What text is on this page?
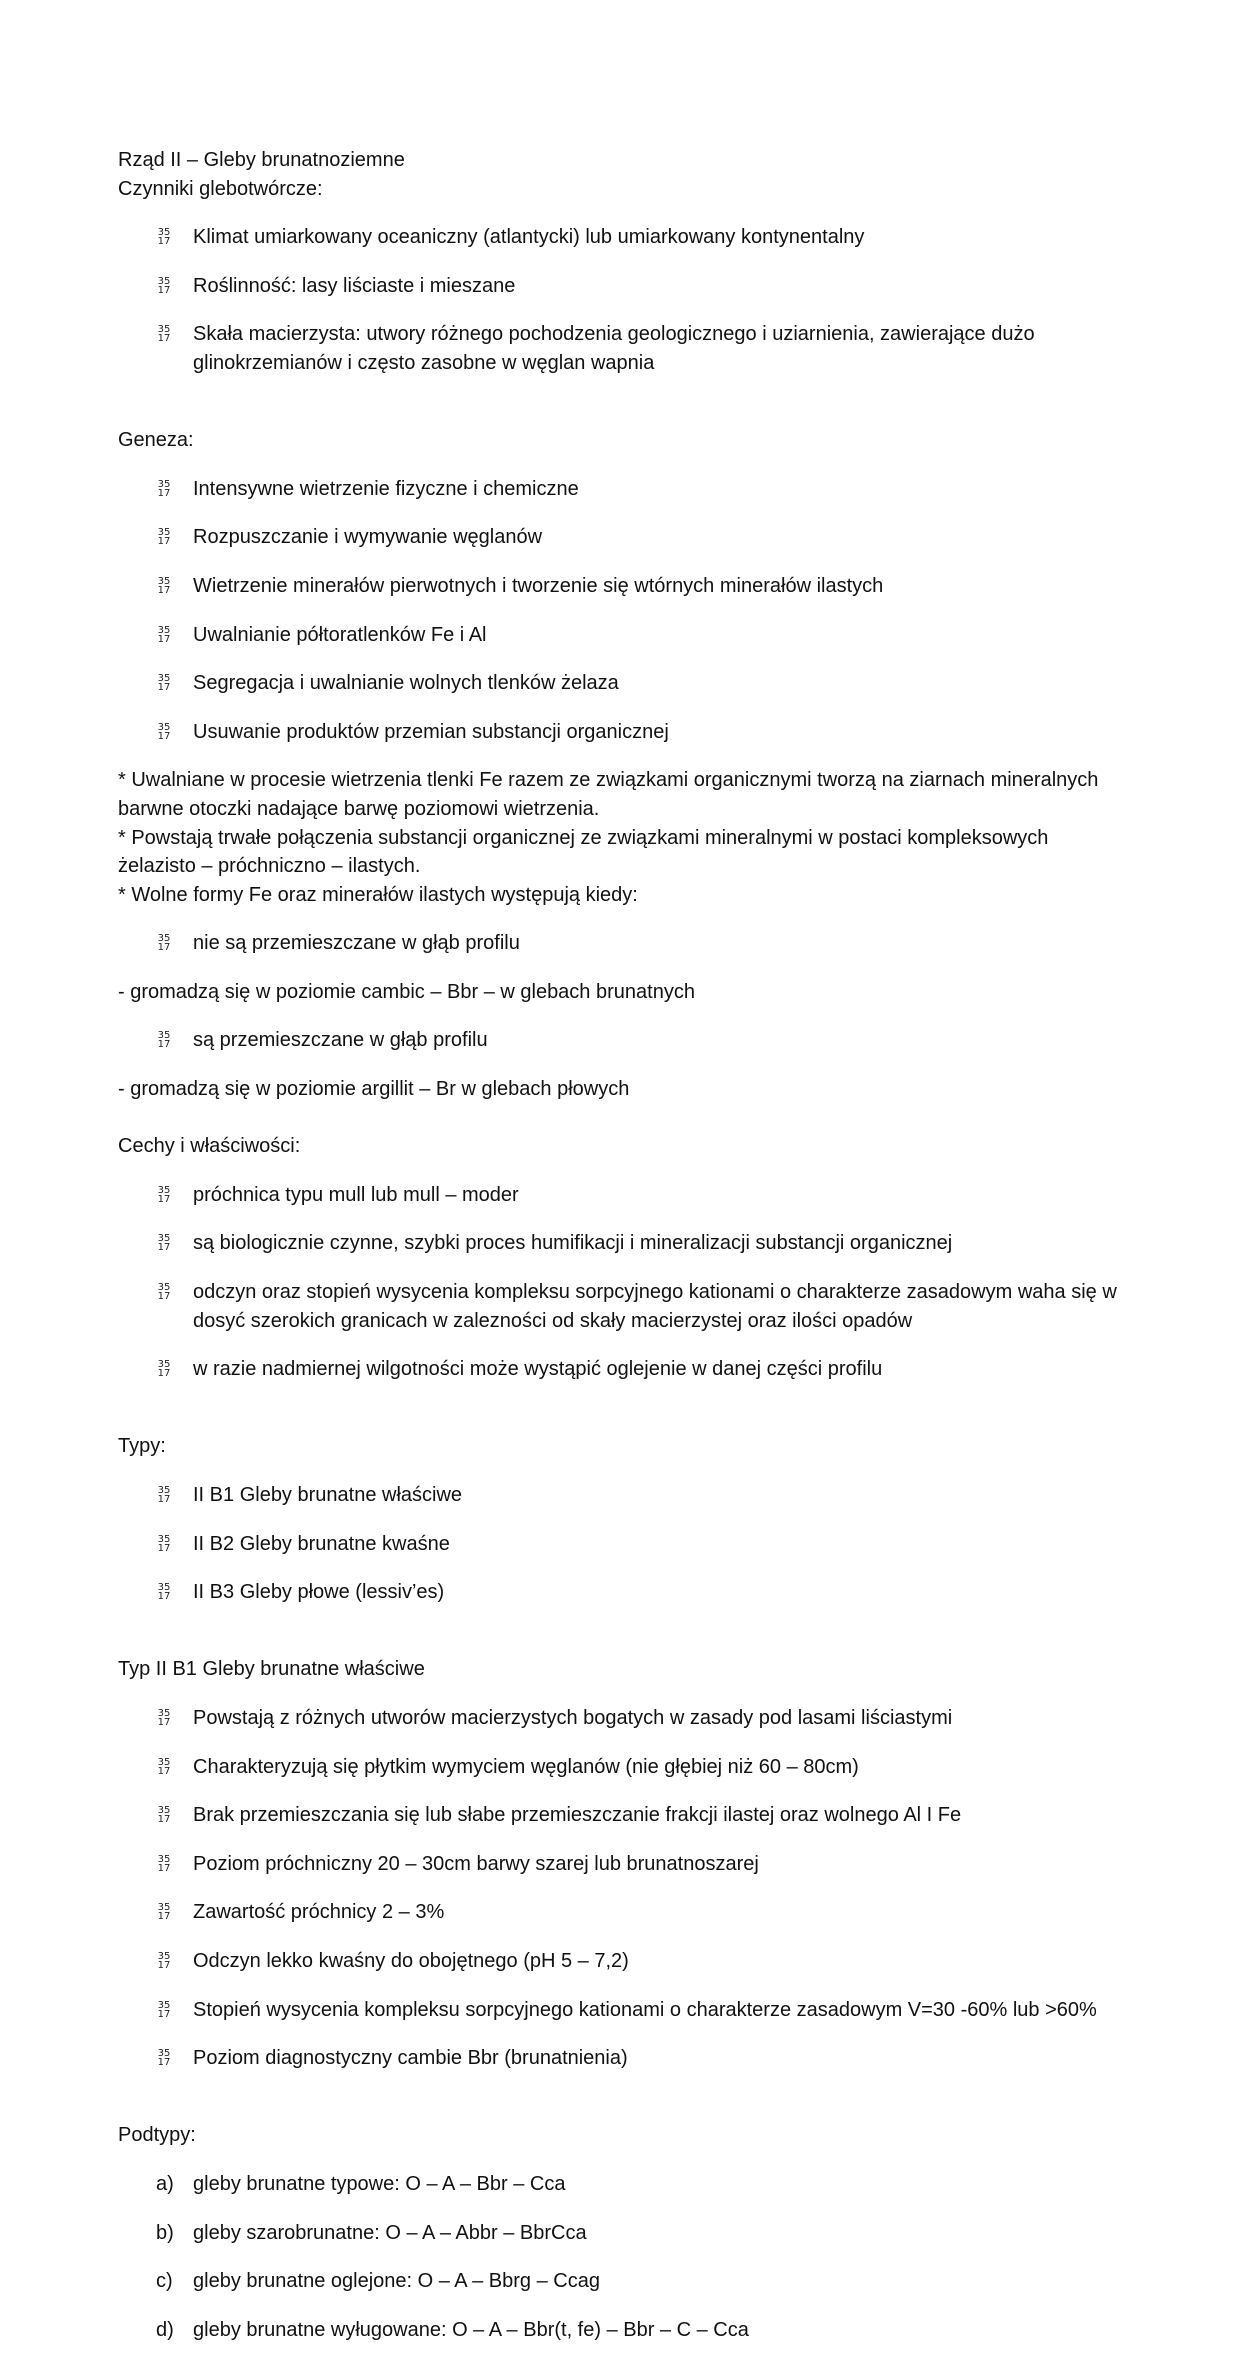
Rząd II – Gleby brunatnoziemne

Czynniki glebotwórcze:

35
17 Klimat umiarkowany oceaniczny (atlantycki) lub umiarkowany kontynentalny

35
17 Roślinność: lasy liściaste i mieszane

35
17 Skała macierzysta: utwory różnego pochodzenia geologicznego i uziarnienia, zawierające dużo glinokrzemianów i często zasobne w węglan wapnia

Geneza:

35
17 Intensywne wietrzenie fizyczne i chemiczne

35
17 Rozpuszczanie i wymywanie węglanów

35
17 Wietrzenie minerałów pierwotnych i tworzenie się wtórnych minerałów ilastych

35
17 Uwalnianie półtoratlenków Fe i Al

35
17 Segregacja i uwalnianie wolnych tlenków żelaza

35
17 Usuwanie produktów przemian substancji organicznej

* Uwalniane w procesie wietrzenia tlenki Fe razem ze związkami organicznymi tworzą na ziarnach mineralnych barwne otoczki nadające barwę poziomowi wietrzenia.

* Powstają trwałe połączenia substancji organicznej ze związkami mineralnymi w postaci kompleksowych żelazisto – próchniczno – ilastych.

* Wolne formy Fe oraz minerałów ilastych występują kiedy:

35
17 nie są przemieszczane w głąb profilu

- gromadzą się w poziomie cambic – Bbr – w glebach brunatnych

35
17 są przemieszczane w głąb profilu

- gromadzą się w poziomie argillit – Br w glebach płowych

Cechy i właściwości:

35
17 próchnica typu mull lub mull – moder

35
17 są biologicznie czynne, szybki proces humifikacji i mineralizacji substancji organicznej

35
17 odczyn oraz stopień wysycenia kompleksu sorpcyjnego kationami o charakterze zasadowym waha się w dosyć szerokich granicach w zalezności od skały macierzystej oraz ilości opadów

35
17 w razie nadmiernej wilgotności może wystąpić oglejenie w danej części profilu

Typy:

35
17 II B1 Gleby brunatne właściwe

35
17 II B2 Gleby brunatne kwaśne

35
17 II B3 Gleby płowe (lessiv’es)

Typ II B1 Gleby brunatne właściwe

35
17 Powstają z różnych utworów macierzystych bogatych w zasady pod lasami liściastymi

35
17 Charakteryzują się płytkim wymyciem węglanów (nie głębiej niż 60 – 80cm)

35
17 Brak przemieszczania się lub słabe przemieszczanie frakcji ilastej oraz wolnego Al I Fe

35
17 Poziom próchniczny 20 – 30cm barwy szarej lub brunatnoszarej

35
17 Zawartość próchnicy 2 – 3%

35
17 Odczyn lekko kwaśny do obojętnego (pH 5 – 7,2)

35
17 Stopień wysycenia kompleksu sorpcyjnego kationami o charakterze zasadowym V=30 -60% lub >60%

35
17 Poziom diagnostyczny cambie Bbr (brunatnienia)

Podtypy:

a) gleby brunatne typowe: O – A – Bbr – Cca

b) gleby szarobrunatne: O – A – Abbr – BbrCca

c) gleby brunatne oglejone: O – A – Bbrg – Ccag

d) gleby brunatne wyługowane: O – A – Bbr(t, fe) – Bbr – C – Cca
